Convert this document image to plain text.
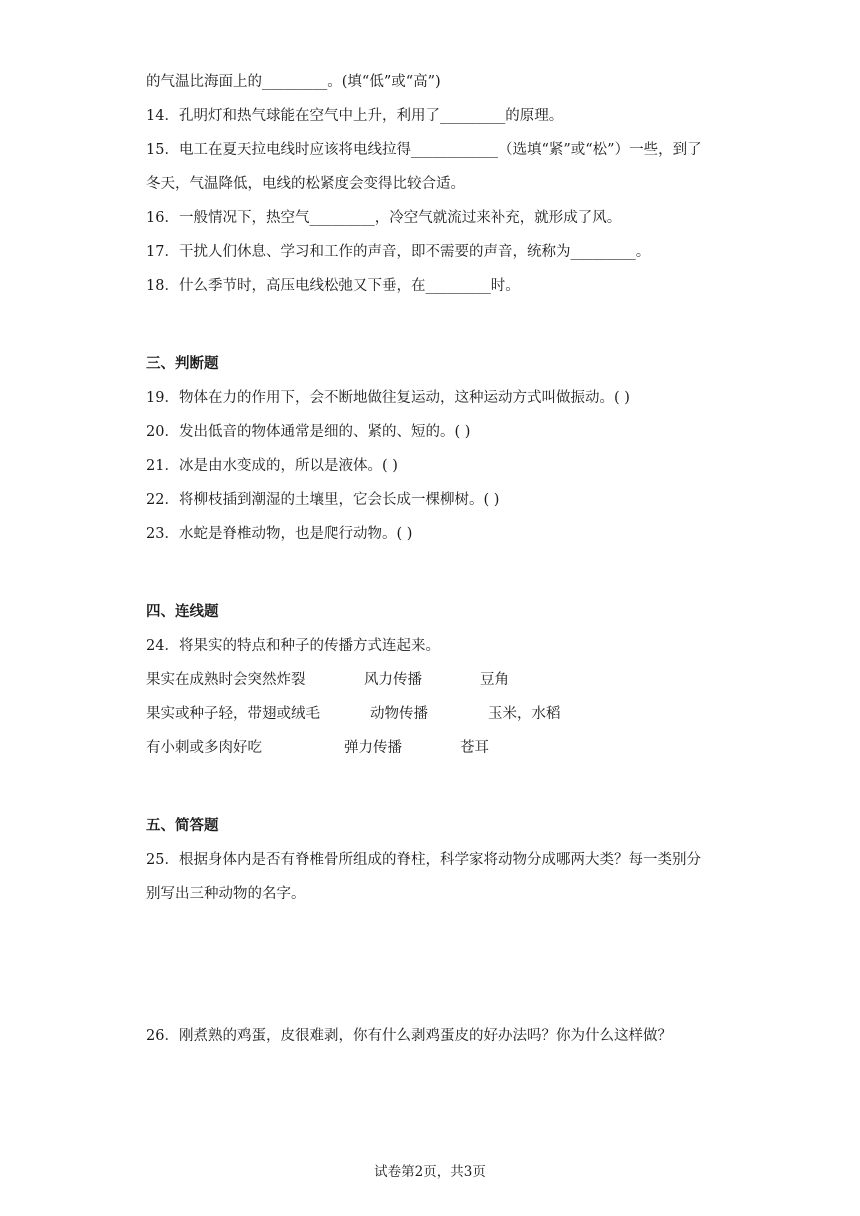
的气温比海面上的_________。(填“低”或“高”)
14．孔明灯和热气球能在空气中上升，利用了_________的原理。
15．电工在夏天拉电线时应该将电线拉得____________（选填“紧”或“松”）一些，到了
冬天，气温降低，电线的松紧度会变得比较合适。
16．一般情况下，热空气_________，冷空气就流过来补充，就形成了风。
17．干扰人们休息、学习和工作的声音，即不需要的声音，统称为_________。
18．什么季节时，高压电线松弛又下垂，在_________时。
三、判断题
19．物体在力的作用下，会不断地做往复运动，这种运动方式叫做振动。( )
20．发出低音的物体通常是细的、紧的、短的。( )
21．冰是由水变成的，所以是液体。( )
22．将柳枝插到潮湿的土壤里，它会长成一棵柳树。( )
23．水蛇是脊椎动物，也是爬行动物。( )
四、连线题
24．将果实的特点和种子的传播方式连起来。
果实在成熟时会突然炸裂	风力传播	豆角
果实或种子轻，带翅或绒毛	动物传播	玉米，水稻
有小刺或多肉好吃	弹力传播	苍耳
五、简答题
25．根据身体内是否有脊椎骨所组成的脊柱，科学家将动物分成哪两大类？每一类别分
别写出三种动物的名字。
26．刚煮熟的鸡蛋，皮很难剥，你有什么剥鸡蛋皮的好办法吗？你为什么这样做？
试卷第2页，共3页
